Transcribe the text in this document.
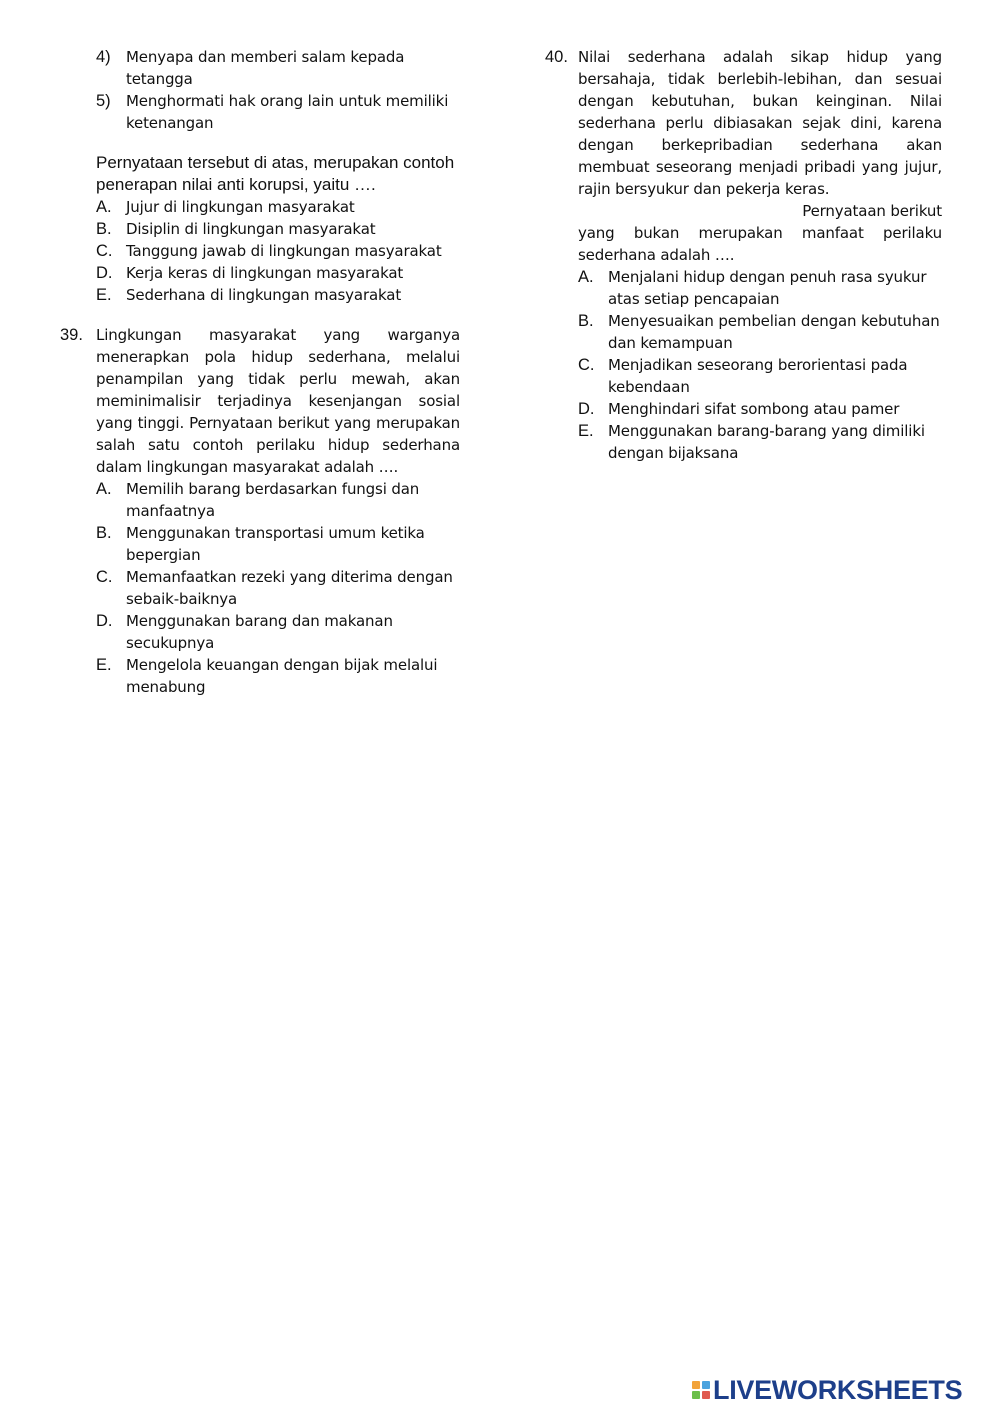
4)	Menyapa dan memberi salam kepada tetangga
5)	Menghormati hak orang lain untuk memiliki ketenangan
Pernyataan tersebut di atas, merupakan contoh penerapan nilai anti korupsi, yaitu ….
A. Jujur di lingkungan masyarakat
B. Disiplin di lingkungan masyarakat
C. Tanggung jawab di lingkungan masyarakat
D. Kerja keras di lingkungan masyarakat
E. Sederhana di lingkungan masyarakat
39. Lingkungan masyarakat yang warganya menerapkan pola hidup sederhana, melalui penampilan yang tidak perlu mewah, akan meminimalisir terjadinya kesenjangan sosial yang tinggi. Pernyataan berikut yang merupakan salah satu contoh perilaku hidup sederhana dalam lingkungan masyarakat adalah ….
A. Memilih barang berdasarkan fungsi dan manfaatnya
B. Menggunakan transportasi umum ketika bepergian
C. Memanfaatkan rezeki yang diterima dengan sebaik-baiknya
D. Menggunakan barang dan makanan secukupnya
E. Mengelola keuangan dengan bijak melalui menabung
40. Nilai sederhana adalah sikap hidup yang bersahaja, tidak berlebih-lebihan, dan sesuai dengan kebutuhan, bukan keinginan. Nilai sederhana perlu dibiasakan sejak dini, karena dengan berkepribadian sederhana akan membuat seseorang menjadi pribadi yang jujur, rajin bersyukur dan pekerja keras.
Pernyataan berikut
yang bukan merupakan manfaat perilaku sederhana adalah ….
A. Menjalani hidup dengan penuh rasa syukur atas setiap pencapaian
B. Menyesuaikan pembelian dengan kebutuhan dan kemampuan
C. Menjadikan seseorang berorientasi pada kebendaan
D. Menghindari sifat sombong atau pamer
E. Menggunakan barang-barang yang dimiliki dengan bijaksana
LIVEWORKSHEETS
